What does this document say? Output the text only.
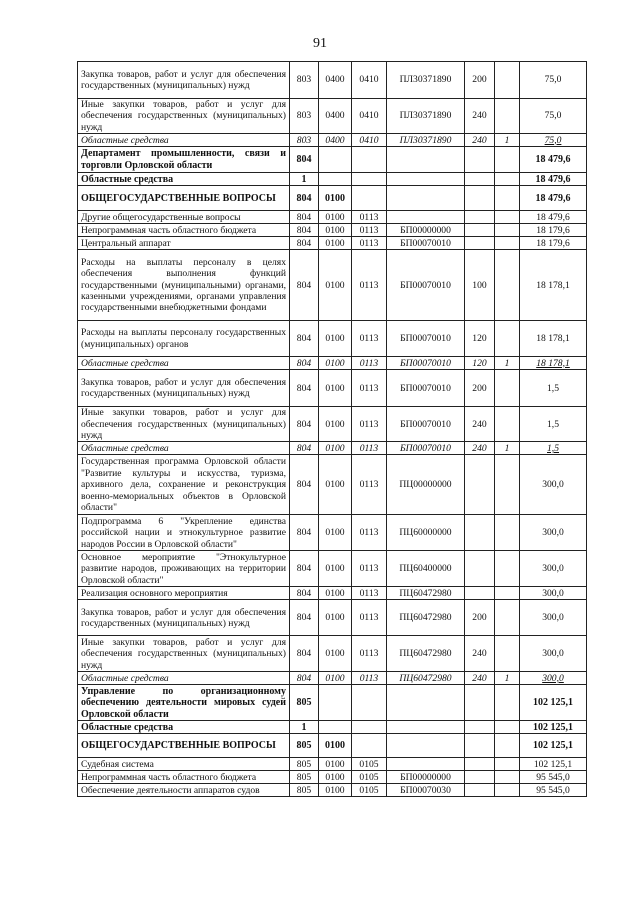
91
Закупка товаров, работ и услуг для обеспечения государственных (муниципальных) нужд	803	0400	0410	ПЛ30371890	200		75,0
Иные закупки товаров, работ и услуг для обеспечения государственных (муниципальных) нужд	803	0400	0410	ПЛ30371890	240		75,0
Областные средства	803	0400	0410	ПЛ30371890	240	1	75,0
Департамент промышленности, связи и торговли Орловской области	804						18 479,6
Областные средства	1						18 479,6
ОБЩЕГОСУДАРСТВЕННЫЕ ВОПРОСЫ	804	0100					18 479,6
Другие общегосударственные вопросы	804	0100	0113				18 479,6
Непрограммная часть областного бюджета	804	0100	0113	БП00000000			18 179,6
Центральный аппарат	804	0100	0113	БП00070010			18 179,6
Расходы на выплаты персоналу в целях обеспечения выполнения функций государственными (муниципальными) органами, казенными учреждениями, органами управления государственными внебюджетными фондами	804	0100	0113	БП00070010	100		18 178,1
Расходы на выплаты персоналу государственных (муниципальных) органов	804	0100	0113	БП00070010	120		18 178,1
Областные средства	804	0100	0113	БП00070010	120	1	18 178,1
Закупка товаров, работ и услуг для обеспечения государственных (муниципальных) нужд	804	0100	0113	БП00070010	200		1,5
Иные закупки товаров, работ и услуг для обеспечения государственных (муниципальных) нужд	804	0100	0113	БП00070010	240		1,5
Областные средства	804	0100	0113	БП00070010	240	1	1,5
Государственная программа Орловской области "Развитие культуры и искусства, туризма, архивного дела, сохранение и реконструкция военно-мемориальных объектов в Орловской области"	804	0100	0113	ПЦ00000000			300,0
Подпрограмма 6 "Укрепление единства российской нации и этнокультурное развитие народов России в Орловской области"	804	0100	0113	ПЦ60000000			300,0
Основное мероприятие "Этнокультурное развитие народов, проживающих на территории Орловской области"	804	0100	0113	ПЦ60400000			300,0
Реализация основного мероприятия	804	0100	0113	ПЦ60472980			300,0
Закупка товаров, работ и услуг для обеспечения государственных (муниципальных) нужд	804	0100	0113	ПЦ60472980	200		300,0
Иные закупки товаров, работ и услуг для обеспечения государственных (муниципальных) нужд	804	0100	0113	ПЦ60472980	240		300,0
Областные средства	804	0100	0113	ПЦ60472980	240	1	300,0
Управление по организационному обеспечению деятельности мировых судей Орловской области	805						102 125,1
Областные средства	1						102 125,1
ОБЩЕГОСУДАРСТВЕННЫЕ ВОПРОСЫ	805	0100					102 125,1
Судебная система	805	0100	0105				102 125,1
Непрограммная часть областного бюджета	805	0100	0105	БП00000000			95 545,0
Обеспечение деятельности аппаратов судов	805	0100	0105	БП00070030			95 545,0
